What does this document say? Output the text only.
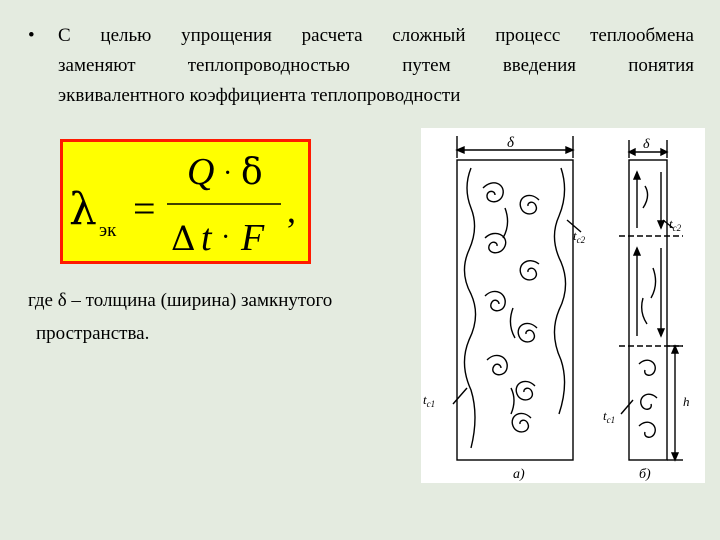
• С целью упрощения расчета сложный процесс теплообмена
заменяют теплопроводностью путем введения понятия
эквивалентного коэффициента теплопроводности
λ эк =
Q · δ
Δ t · F
,
где δ – толщина (ширина) замкнутого
пространства.
δ	δ
$t_{c2}$
$t_{c1}$
$t_{c2}$
$t_{c1}$
h
a)	б)
